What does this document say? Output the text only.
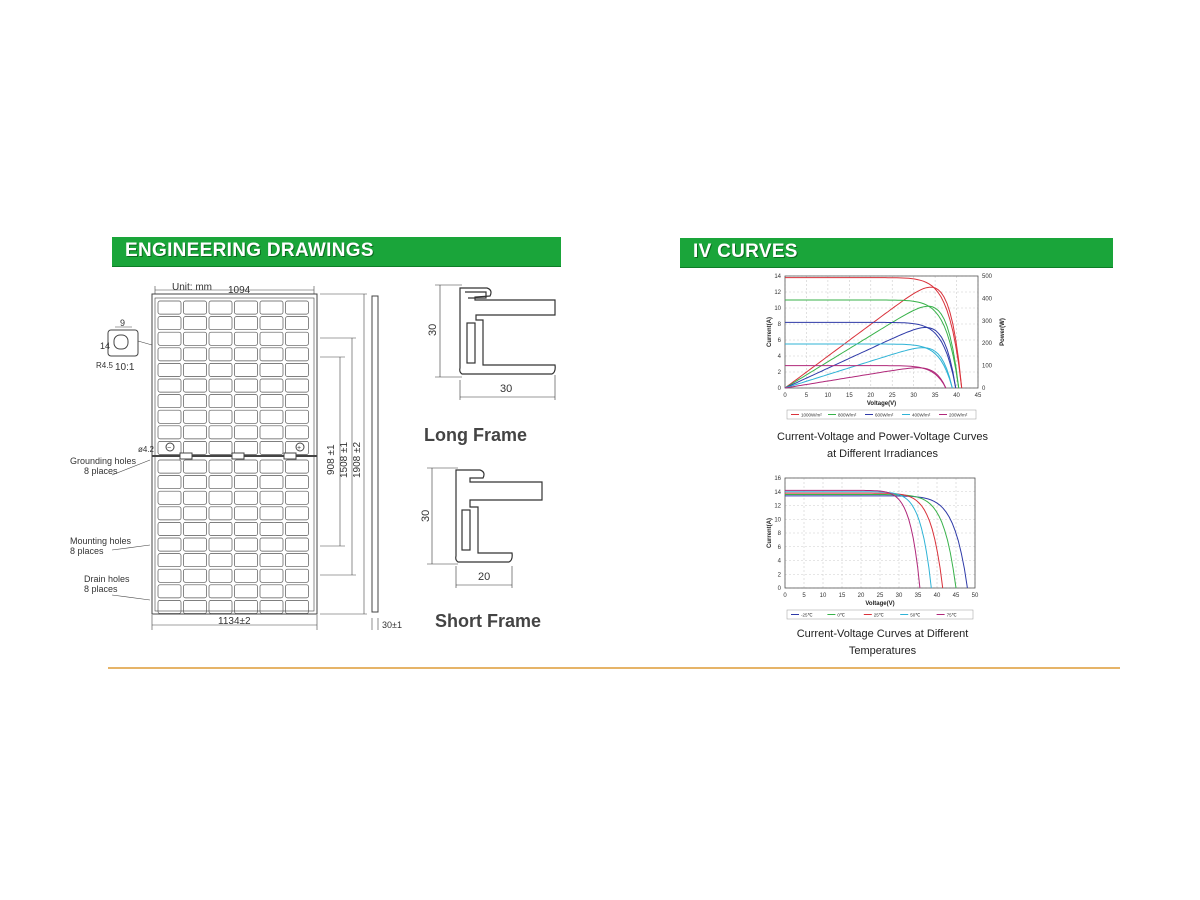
ENGINEERING DRAWINGS	IV CURVES
Unit: mm 1094
1134±2	30±1
ø4.2
9
14
R4.5 10:1
Grounding holes
8 places
Mounting holes
8 places
Drain holes
8 places
−	+ 908 ±1 1508 ±1 1908 ±2
30
30
Long Frame
30
20
Short Frame
0	5	10 15 20 25 30 35 40 45
0
2
4
6
8
10
12
14
Voltage(V)
Current(A)
0
100
200
300
400
500
Power(W)
1000W/m²	800W/m²	600W/m²	400W/m²	200W/m²
Current-Voltage and Power-Voltage Curves
at Different Irradiances
0	5 10 15 20 25 30 35 40 45 50
0
2
4
6
8
10
12
14
16
Voltage(V)
Current(A)
-25℃	0℃	25℃	50℃	75℃
Current-Voltage Curves at Different
Temperatures
